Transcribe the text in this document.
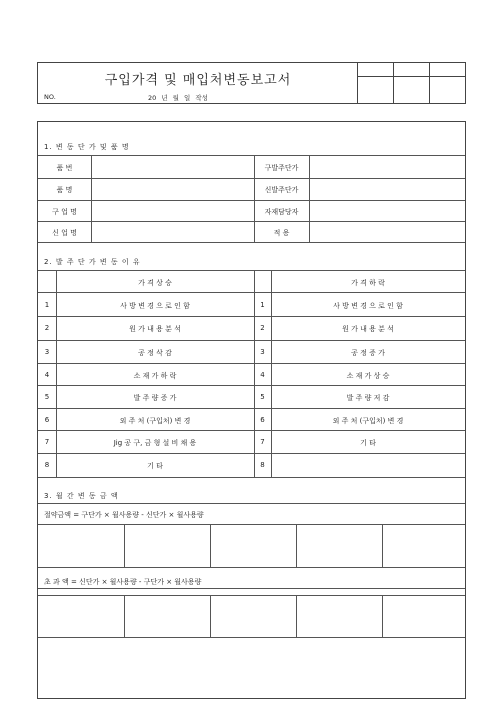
구입가격 및 매입처변동보고서
NO.	20 년 월 일 작성
1. 변 동 단 가 및 품 명
품 번	구발주단가
품 명	신발주단가
구 업 명	자재담당자
신 업 명	적 용
2. 발 주 단 가 변 동 이 유
가 격 상 승	가 격 하 락
1	사 방 변 경 으 로 인 함	1	사 방 변 경 으 로 인 함
2	원 가 내 용 분 석	2	원 가 내 용 분 석
3	공 정 삭 감	3	공 정 증 가
4	소 재 가 하 락	4	소 재 가 상 승
5	발 주 량 증 가	5	발 주 량 저 감
6	외 주 처 (구입처) 변 경	6	외 주 처 (구입처) 변 경
7	Jig 공 구, 금 형 설 비 채 용	7	기 타
8	기 타	8
3. 월 간 변 동 금 액
절약금액 = 구단가 × 월사용량 - 신단가 × 월사용량
초 과 액 = 신단가 × 월사용량 - 구단가 × 월사용량
